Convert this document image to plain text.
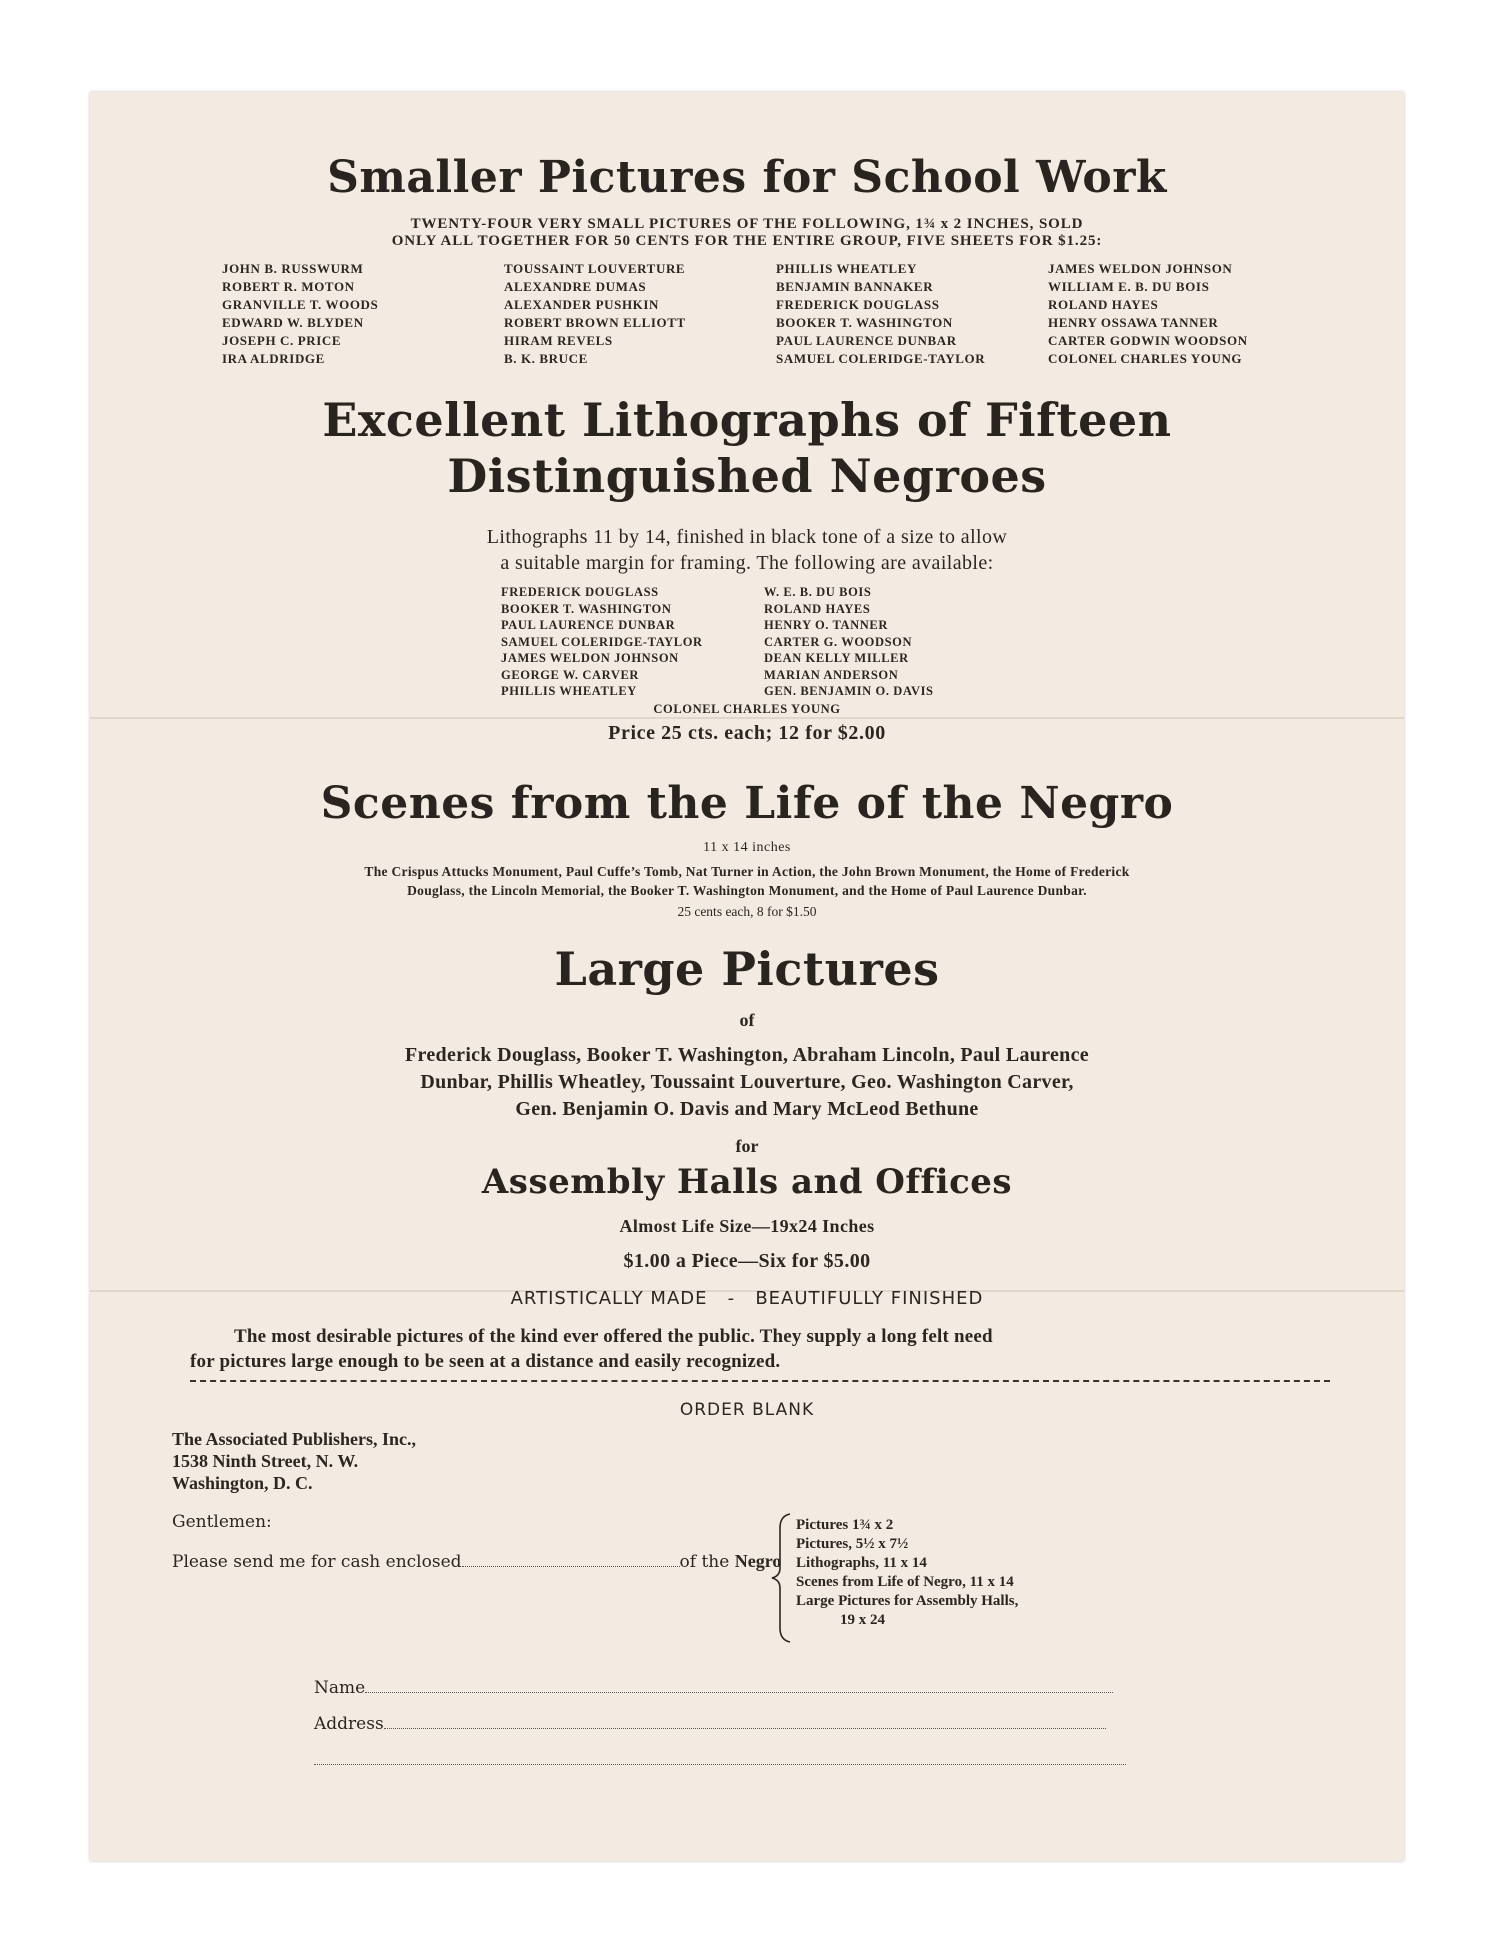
Smaller Pictures for School Work
TWENTY-FOUR VERY SMALL PICTURES OF THE FOLLOWING, 1¾ x 2 INCHES, SOLD
ONLY ALL TOGETHER FOR 50 CENTS FOR THE ENTIRE GROUP, FIVE SHEETS FOR $1.25:
JOHN B. RUSSWURM
ROBERT R. MOTON
GRANVILLE T. WOODS
EDWARD W. BLYDEN
JOSEPH C. PRICE
IRA ALDRIDGE
TOUSSAINT LOUVERTURE
ALEXANDRE DUMAS
ALEXANDER PUSHKIN
ROBERT BROWN ELLIOTT
HIRAM REVELS
B. K. BRUCE
PHILLIS WHEATLEY
BENJAMIN BANNAKER
FREDERICK DOUGLASS
BOOKER T. WASHINGTON
PAUL LAURENCE DUNBAR
SAMUEL COLERIDGE-TAYLOR
JAMES WELDON JOHNSON
WILLIAM E. B. DU BOIS
ROLAND HAYES
HENRY OSSAWA TANNER
CARTER GODWIN WOODSON
COLONEL CHARLES YOUNG
Excellent Lithographs of Fifteen
Distinguished Negroes
Lithographs 11 by 14, finished in black tone of a size to allow
a suitable margin for framing. The following are available:
FREDERICK DOUGLASS
BOOKER T. WASHINGTON
PAUL LAURENCE DUNBAR
SAMUEL COLERIDGE-TAYLOR
JAMES WELDON JOHNSON
GEORGE W. CARVER
PHILLIS WHEATLEY
W. E. B. DU BOIS
ROLAND HAYES
HENRY O. TANNER
CARTER G. WOODSON
DEAN KELLY MILLER
MARIAN ANDERSON
GEN. BENJAMIN O. DAVIS
COLONEL CHARLES YOUNG
Price 25 cts. each; 12 for $2.00
Scenes from the Life of the Negro
11 x 14 inches
The Crispus Attucks Monument, Paul Cuffe’s Tomb, Nat Turner in Action, the John Brown Monument, the Home of Frederick
Douglass, the Lincoln Memorial, the Booker T. Washington Monument, and the Home of Paul Laurence Dunbar.
25 cents each, 8 for $1.50
Large Pictures
of
Frederick Douglass, Booker T. Washington, Abraham Lincoln, Paul Laurence
Dunbar, Phillis Wheatley, Toussaint Louverture, Geo. Washington Carver,
Gen. Benjamin O. Davis and Mary McLeod Bethune
for
Assembly Halls and Offices
Almost Life Size—19x24 Inches
$1.00 a Piece—Six for $5.00
ARTISTICALLY MADE   -   BEAUTIFULLY FINISHED
The most desirable pictures of the kind ever offered the public. They supply a long felt need
for pictures large enough to be seen at a distance and easily recognized.
ORDER BLANK
The Associated Publishers, Inc.,
1538 Ninth Street, N. W.
Washington, D. C.
Gentlemen:
Please send me for cash enclosed	of the Negro
Pictures 1¾ x 2
Pictures, 5½ x 7½
Lithographs, 11 x 14
Scenes from Life of Negro, 11 x 14
Large Pictures for Assembly Halls,
19 x 24
Name
Address
